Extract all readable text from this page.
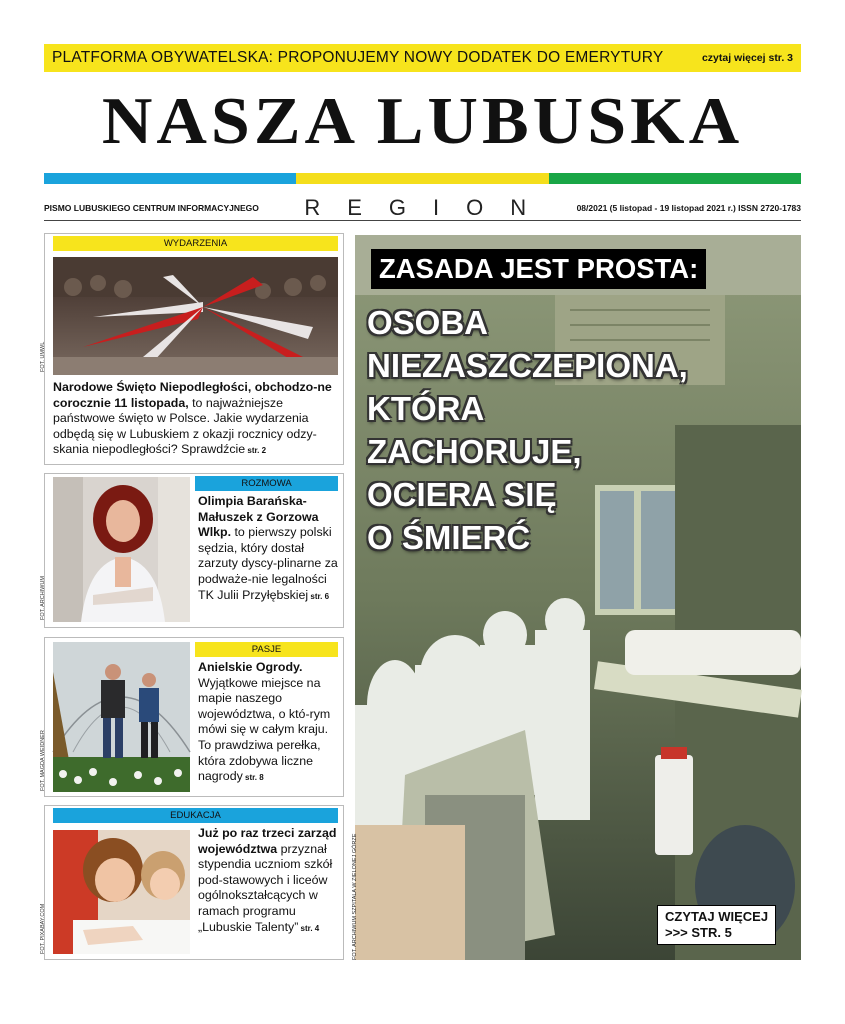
PLATFORMA OBYWATELSKA: PROPONUJEMY NOWY DODATEK DO EMERYTURY	czytaj więcej str. 3
NASZA LUBUSKA
PISMO LUBUSKIEGO CENTRUM INFORMACYJNEGO	REGION	08/2021 (5 listopad - 19 listopad 2021 r.) ISSN 2720-1783
WYDARZENIA
FOT. UMWL
Narodowe Święto Niepodległości, obchodzo-ne corocznie 11 listopada, to najważniejsze państwowe święto w Polsce. Jakie wydarzenia odbędą się w Lubuskiem z okazji rocznicy odzy-skania niepodległości? Sprawdźcie str. 2
ROZMOWA
FOT. ARCHIWUM
Olimpia Barańska-Małuszek z Gorzowa Wlkp. to pierwszy polski sędzia, który dostał zarzuty dyscy-plinarne za podważe-nie legalności TK Julii Przyłębskiej str. 6
PASJE
FOT. MAGDA WEIDNER
Anielskie Ogrody. Wyjątkowe miejsce na mapie naszego województwa, o któ-rym mówi się w całym kraju. To prawdziwa perełka, która zdobywa liczne nagrody str. 8
EDUKACJA
FOT. PIXABAY.COM
Już po raz trzeci zarząd województwa przyznał stypendia uczniom szkół pod-stawowych i liceów ogólnokształcących w ramach programu „Lubuskie Talenty” str. 4
ZASADA JEST PROSTA:
OSOBA
NIEZASZCZEPIONA,
KTÓRA
ZACHORUJE,
OCIERA SIĘ
O ŚMIERĆ
FOT. ARCHIWUM SZPITALA W ZIELONEJ GÓRZE	CZYTAJ WIĘCEJ
>>> STR. 5
